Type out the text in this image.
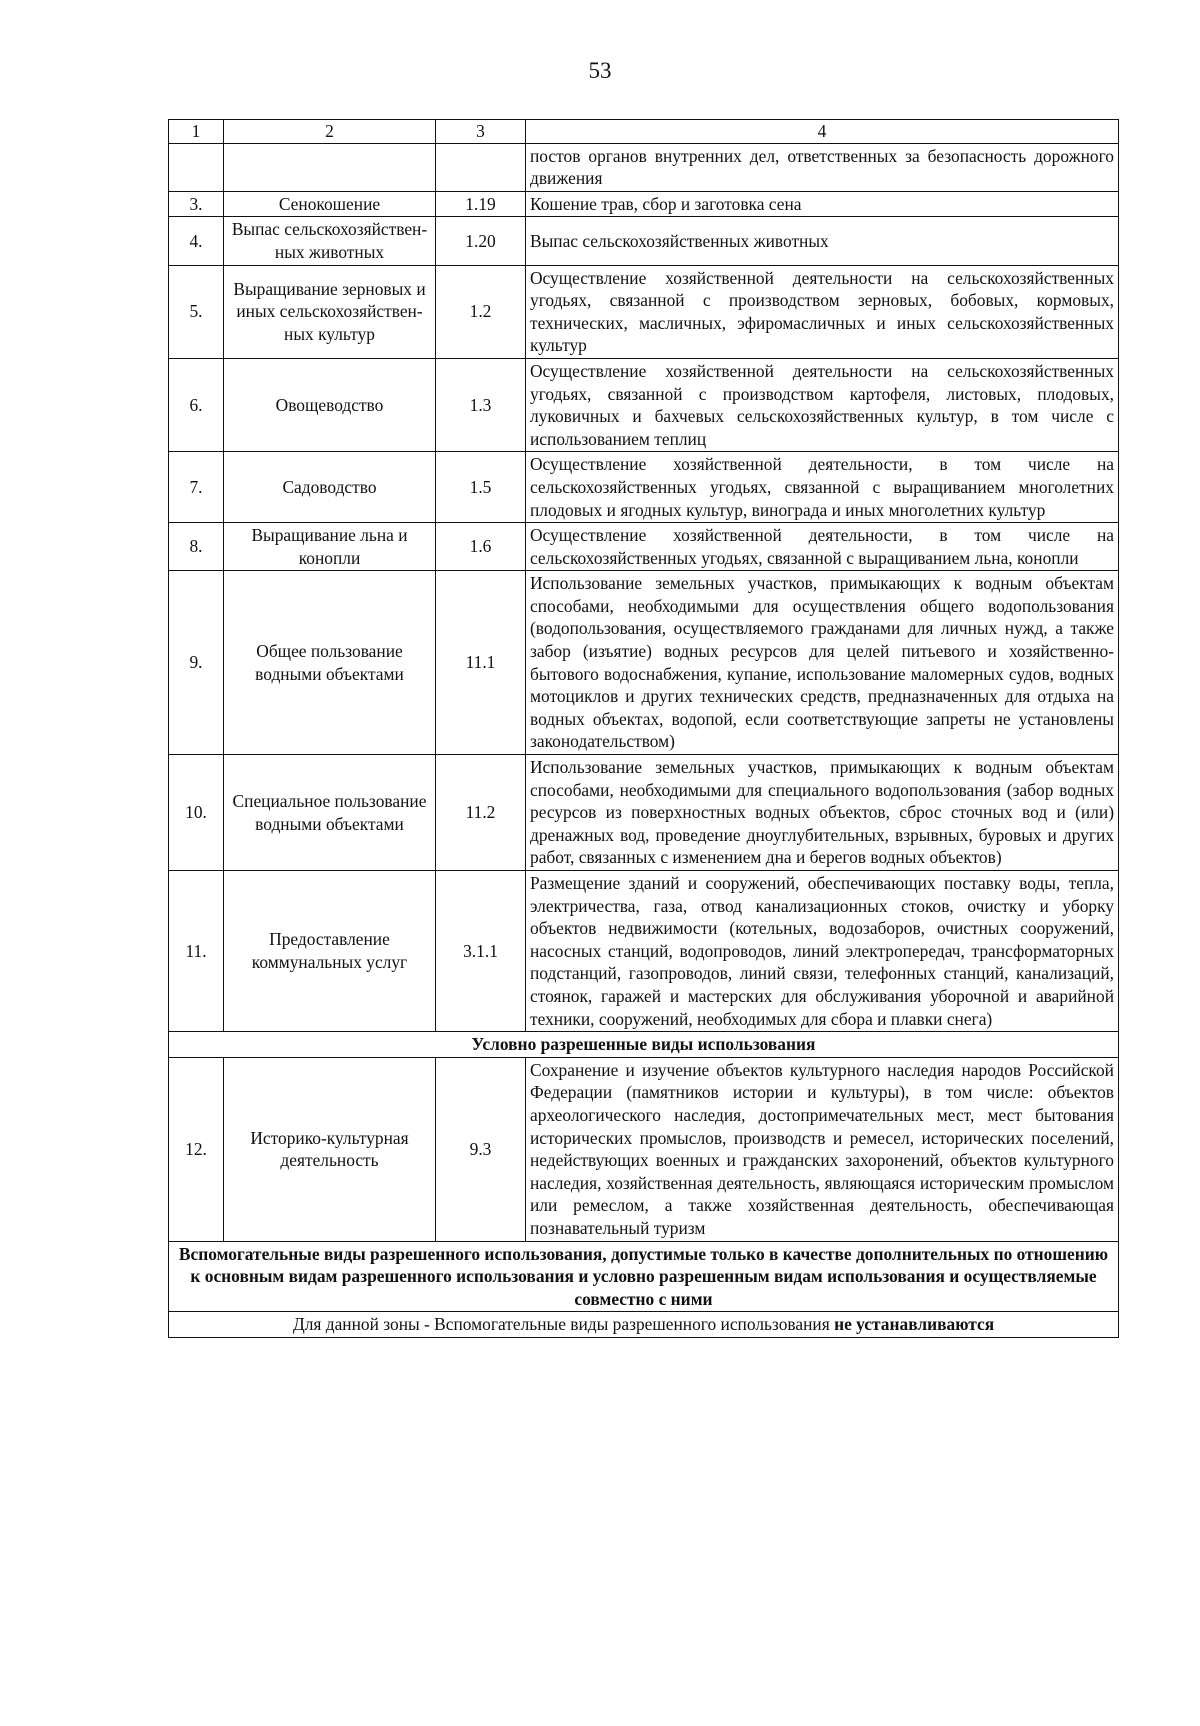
53
1	2	3	4
			постов органов внутренних дел, ответственных за безопасность дорожного движения
3.	Сенокошение	1.19	Кошение трав, сбор и заготовка сена
4.	Выпас сельскохозяйствен-ных животных	1.20	Выпас сельскохозяйственных животных
5.	Выращивание зерновых и иных сельскохозяйствен-ных культур	1.2	Осуществление хозяйственной деятельности на сельскохозяйственных угодьях, связанной с производством зерновых, бобовых, кормовых, технических, масличных, эфиромасличных и иных сельскохозяйственных культур
6.	Овощеводство	1.3	Осуществление хозяйственной деятельности на сельскохозяйственных угодьях, связанной с производством картофеля, листовых, плодовых, луковичных и бахчевых сельскохозяйственных культур, в том числе с использованием теплиц
7.	Садоводство	1.5	Осуществление хозяйственной деятельности, в том числе на сельскохозяйственных угодьях, связанной с выращиванием многолетних плодовых и ягодных культур, винограда и иных многолетних культур
8.	Выращивание льна и конопли	1.6	Осуществление хозяйственной деятельности, в том числе на сельскохозяйственных угодьях, связанной с выращиванием льна, конопли
9.	Общее пользование водными объектами	11.1	Использование земельных участков, примыкающих к водным объектам способами, необходимыми для осуществления общего водопользования (водопользования, осуществляемого гражданами для личных нужд, а также забор (изъятие) водных ресурсов для целей питьевого и хозяйственно-бытового водоснабжения, купание, использование маломерных судов, водных мотоциклов и других технических средств, предназначенных для отдыха на водных объектах, водопой, если соответствующие запреты не установлены законодательством)
10.	Специальное пользование водными объектами	11.2	Использование земельных участков, примыкающих к водным объектам способами, необходимыми для специального водопользования (забор водных ресурсов из поверхностных водных объектов, сброс сточных вод и (или) дренажных вод, проведение дноуглубительных, взрывных, буровых и других работ, связанных с изменением дна и берегов водных объектов)
11.	Предоставление коммунальных услуг	3.1.1	Размещение зданий и сооружений, обеспечивающих поставку воды, тепла, электричества, газа, отвод канализационных стоков, очистку и уборку объектов недвижимости (котельных, водозаборов, очистных сооружений, насосных станций, водопроводов, линий электропередач, трансформаторных подстанций, газопроводов, линий связи, телефонных станций, канализаций, стоянок, гаражей и мастерских для обслуживания уборочной и аварийной техники, сооружений, необходимых для сбора и плавки снега)
Условно разрешенные виды использования			
12.	Историко-культурная деятельность	9.3	Сохранение и изучение объектов культурного наследия народов Российской Федерации (памятников истории и культуры), в том числе: объектов археологического наследия, достопримечательных мест, мест бытования исторических промыслов, производств и ремесел, исторических поселений, недействующих военных и гражданских захоронений, объектов культурного наследия, хозяйственная деятельность, являющаяся историческим промыслом или ремеслом, а также хозяйственная деятельность, обеспечивающая познавательный туризм
Вспомогательные виды разрешенного использования, допустимые только в качестве дополнительных по отношению к основным видам разрешенного использования и условно разрешенным видам использования и осуществляемые совместно с ними			
Для данной зоны - Вспомогательные виды разрешенного использования не устанавливаются			
